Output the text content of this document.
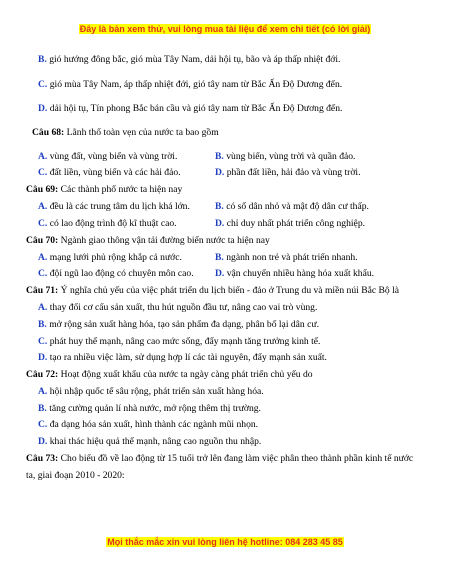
Đây là bản xem thử, vui lòng mua tài liệu để xem chi tiết (có lời giải)
B. gió hướng đông bắc, gió mùa Tây Nam, dải hội tụ, bão và áp thấp nhiệt đới.
C. gió mùa Tây Nam, áp thấp nhiệt đới, gió tây nam từ Bắc Ấn Độ Dương đến.
D. dải hội tụ, Tín phong Bắc bán cầu và gió tây nam từ Bắc Ấn Độ Dương đến.
Câu 68: Lãnh thổ toàn vẹn của nước ta bao gồm
A. vùng đất, vùng biển và vùng trời.	B. vùng biển, vùng trời và quần đảo.
C. đất liền, vùng biển và các hải đảo.	D. phần đất liền, hải đảo và vùng trời.
Câu 69: Các thành phố nước ta hiện nay
A. đều là các trung tâm du lịch khá lớn.	B. có số dân nhỏ và mật độ dân cư thấp.
C. có lao động trình độ kĩ thuật cao.	D. chỉ duy nhất phát triển công nghiệp.
Câu 70: Ngành giao thông vận tải đường biển nước ta hiện nay
A. mạng lưới phủ rộng khắp cả nước.	B. ngành non trẻ và phát triển nhanh.
C. đội ngũ lao động có chuyên môn cao. D. vận chuyển nhiều hàng hóa xuất khẩu.
Câu 71: Ý nghĩa chủ yếu của việc phát triển du lịch biển - đảo ở Trung du và miền núi Bắc Bộ là
A. thay đổi cơ cấu sản xuất, thu hút nguồn đầu tư, nâng cao vai trò vùng.
B. mở rộng sản xuất hàng hóa, tạo sản phẩm đa dạng, phân bố lại dân cư.
C. phát huy thế mạnh, nâng cao mức sống, đẩy mạnh tăng trưởng kinh tế.
D. tạo ra nhiều việc làm, sử dụng hợp lí các tài nguyên, đẩy mạnh sản xuất.
Câu 72: Hoạt động xuất khẩu của nước ta ngày càng phát triển chủ yếu do
A. hội nhập quốc tế sâu rộng, phát triển sản xuất hàng hóa.
B. tăng cường quản lí nhà nước, mở rộng thêm thị trường.
C. đa dạng hóa sản xuất, hình thành các ngành mũi nhọn.
D. khai thác hiệu quả thế mạnh, nâng cao nguồn thu nhập.
Câu 73: Cho biểu đồ về lao động từ 15 tuổi trở lên đang làm việc phân theo thành phần kinh tế nước
ta, giai đoạn 2010 - 2020:
Mọi thắc mắc xin vui lòng liên hệ hotline: 084 283 45 85
